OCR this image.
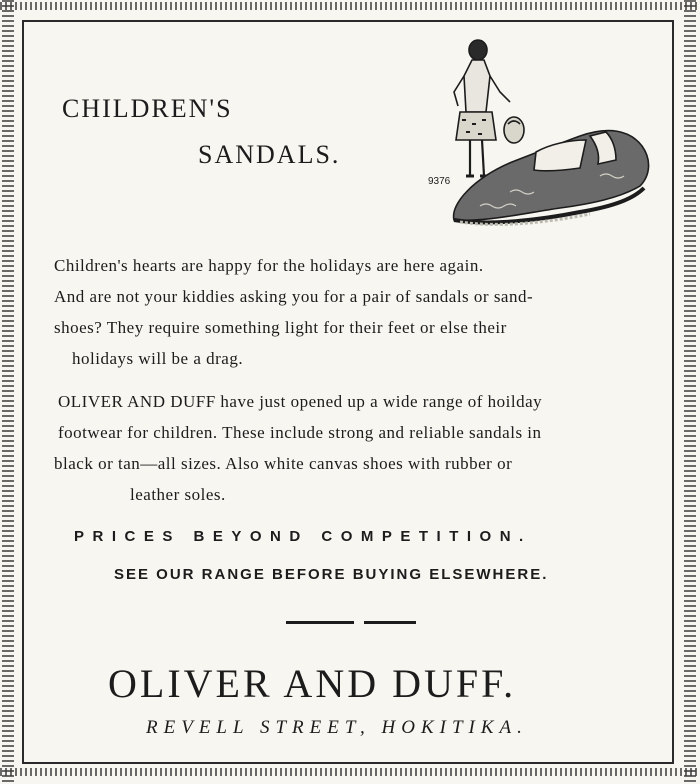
CHILDREN'S
SANDALS.
9376

Children's hearts are happy for the holidays are here again.
And are not your kiddies asking you for a pair of sandals or sand-
shoes? They require something light for their feet or else their
holidays will be a drag.

OLIVER AND DUFF have just opened up a wide range of hoilday
footwear for children. These include strong and reliable sandals in
black or tan—all sizes. Also white canvas shoes with rubber or
leather soles.

PRICES BEYOND COMPETITION.

SEE OUR RANGE BEFORE BUYING ELSEWHERE.

OLIVER AND DUFF.

REVELL STREET, HOKITIKA.
